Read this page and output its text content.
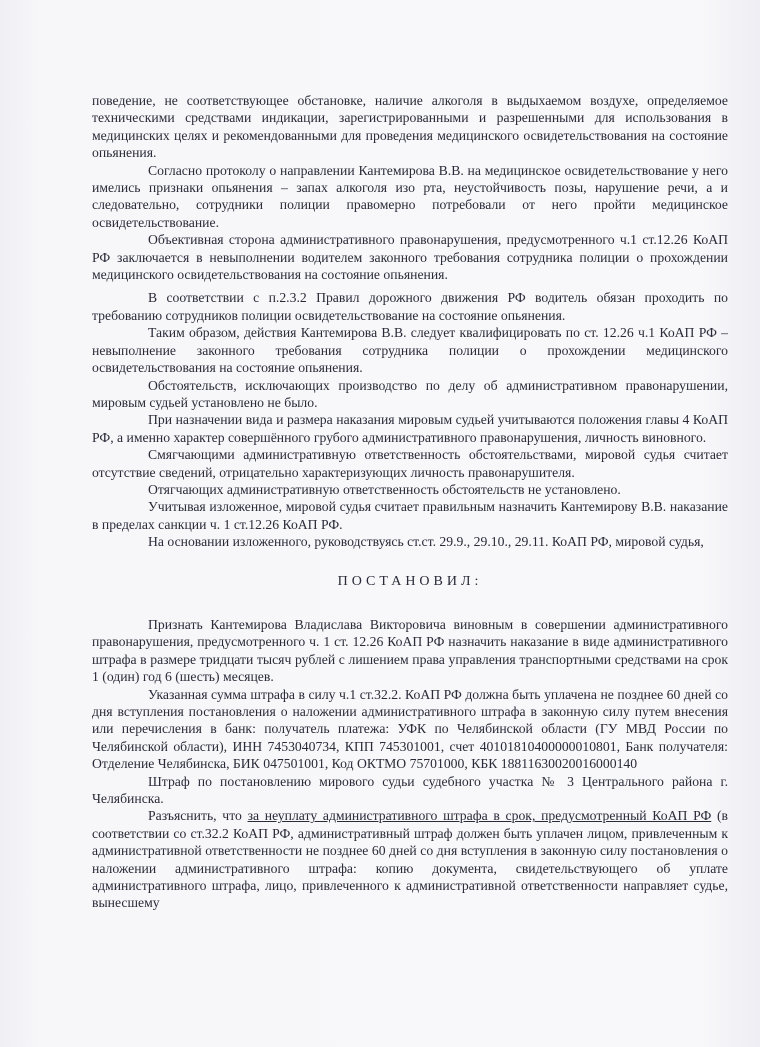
поведение, не соответствующее обстановке, наличие алкоголя в выдыхаемом воздухе, определяемое техническими средствами индикации, зарегистрированными и разрешенными для использования в медицинских целях и рекомендованными для проведения медицинского освидетельствования на состояние опьянения.

Согласно протоколу о направлении Кантемирова В.В. на медицинское освидетельствование у него имелись признаки опьянения – запах алкоголя изо рта, неустойчивость позы, нарушение речи, а и следовательно, сотрудники полиции правомерно потребовали от него пройти медицинское освидетельствование.

Объективная сторона административного правонарушения, предусмотренного ч.1 ст.12.26 КоАП РФ заключается в невыполнении водителем законного требования сотрудника полиции о прохождении медицинского освидетельствования на состояние опьянения.

В соответствии с п.2.3.2 Правил дорожного движения РФ водитель обязан проходить по требованию сотрудников полиции освидетельствование на состояние опьянения.

Таким образом, действия Кантемирова В.В. следует квалифицировать по ст. 12.26 ч.1 КоАП РФ – невыполнение законного требования сотрудника полиции о прохождении медицинского освидетельствования на состояние опьянения.

Обстоятельств, исключающих производство по делу об административном правонарушении, мировым судьей установлено не было.

При назначении вида и размера наказания мировым судьей учитываются положения главы 4 КоАП РФ, а именно характер совершённого грубого административного правонарушения, личность виновного.

Смягчающими административную ответственность обстоятельствами, мировой судья считает отсутствие сведений, отрицательно характеризующих личность правонарушителя.

Отягчающих административную ответственность обстоятельств не установлено.

Учитывая изложенное, мировой судья считает правильным назначить Кантемирову В.В. наказание в пределах санкции ч. 1 ст.12.26 КоАП РФ.

На основании изложенного, руководствуясь ст.ст. 29.9., 29.10., 29.11. КоАП РФ, мировой судья,

ПОСТАНОВИЛ:

Признать Кантемирова Владислава Викторовича виновным в совершении административного правонарушения, предусмотренного ч. 1 ст. 12.26 КоАП РФ назначить наказание в виде административного штрафа в размере тридцати тысяч рублей с лишением права управления транспортными средствами на срок 1 (один) год 6 (шесть) месяцев.

Указанная сумма штрафа в силу ч.1 ст.32.2. КоАП РФ должна быть уплачена не позднее 60 дней со дня вступления постановления о наложении административного штрафа в законную силу путем внесения или перечисления в банк: получатель платежа: УФК по Челябинской области (ГУ МВД России по Челябинской области), ИНН 7453040734, КПП 745301001, счет 40101810400000010801, Банк получателя: Отделение Челябинска, БИК 047501001, Код ОКТМО 75701000, КБК 18811630020016000140

Штраф по постановлению мирового судьи судебного участка № 3 Центрального района г. Челябинска.

Разъяснить, что за неуплату административного штрафа в срок, предусмотренный КоАП РФ (в соответствии со ст.32.2 КоАП РФ, административный штраф должен быть уплачен лицом, привлеченным к административной ответственности не позднее 60 дней со дня вступления в законную силу постановления о наложении административного штрафа: копию документа, свидетельствующего об уплате административного штрафа, лицо, привлеченного к административной ответственности направляет судье, вынесшему
